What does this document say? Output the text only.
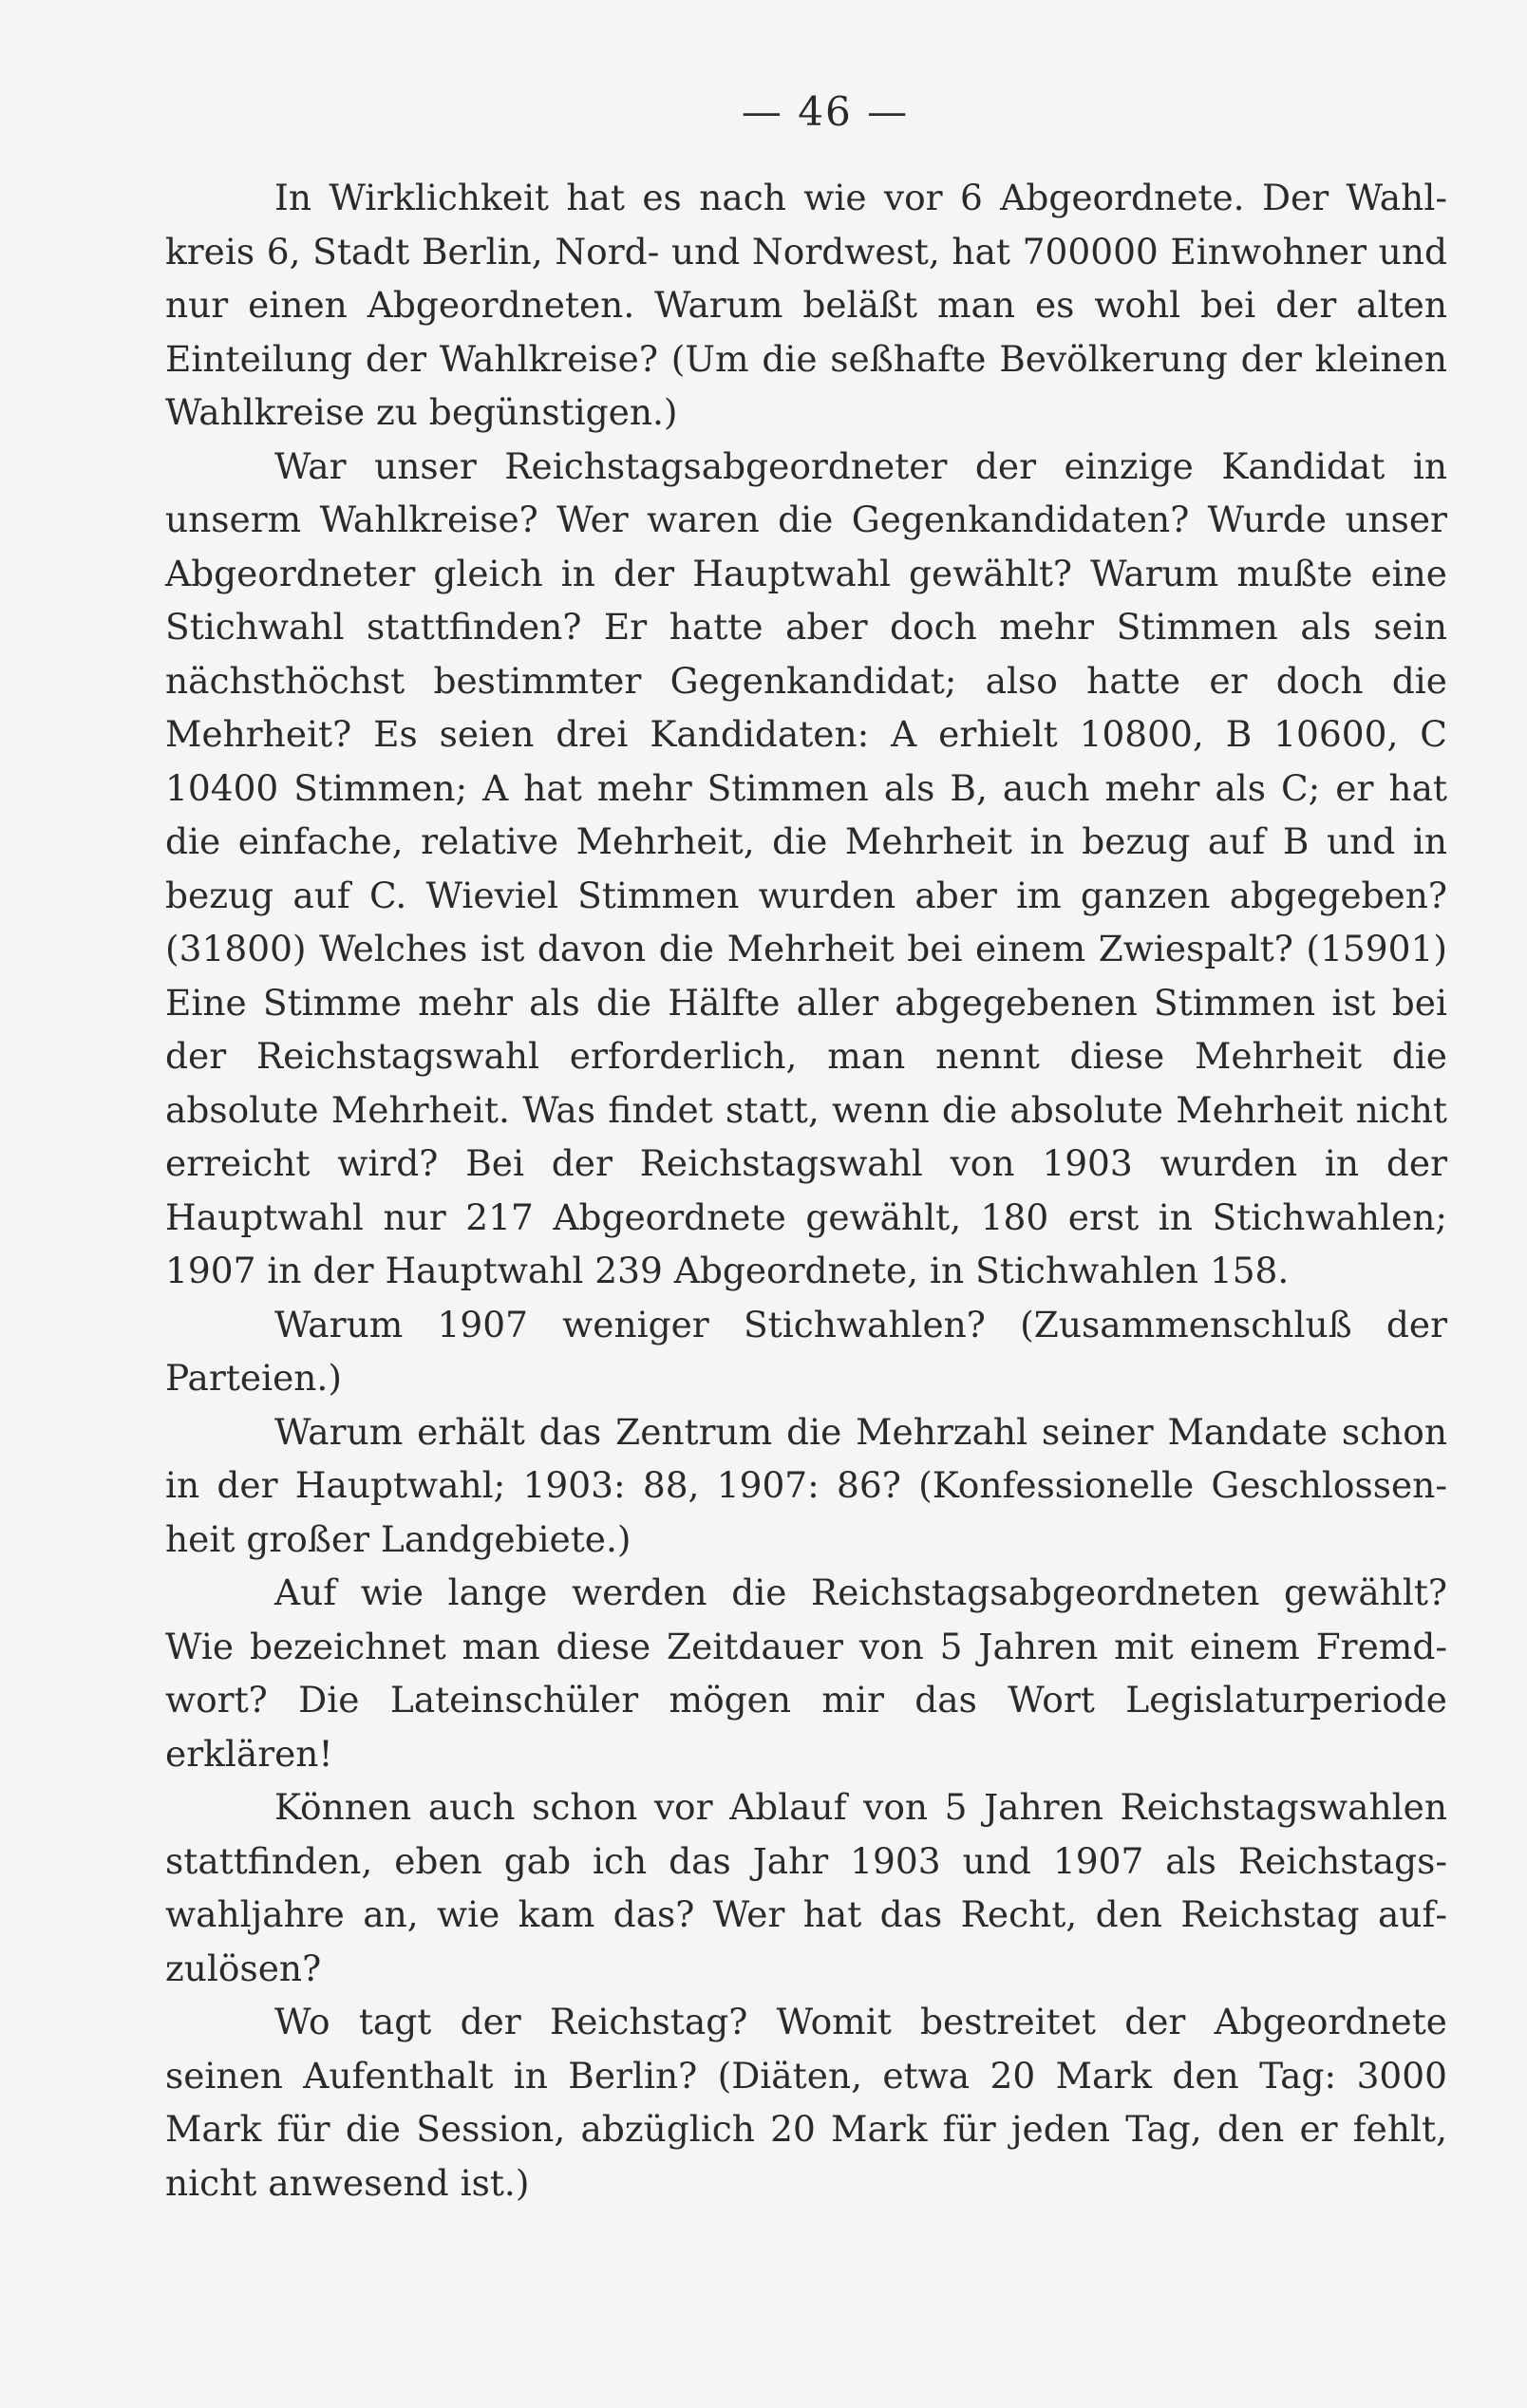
— 46 —

In Wirklichkeit hat es nach wie vor 6 Abgeordnete. Der Wahlkreis 6, Stadt Berlin, Nord- und Nordwest, hat 700000 Einwohner und nur einen Abgeordneten. Warum beläßt man es wohl bei der alten Einteilung der Wahlkreise? (Um die seßhafte Bevölkerung der kleinen Wahlkreise zu begünstigen.)

War unser Reichstagsabgeordneter der einzige Kandidat in unserm Wahlkreise? Wer waren die Gegenkandidaten? Wurde unser Abgeordneter gleich in der Hauptwahl gewählt? Warum mußte eine Stichwahl stattfinden? Er hatte aber doch mehr Stimmen als sein nächsthöchst bestimmter Gegenkandidat; also hatte er doch die Mehrheit? Es seien drei Kandidaten: A erhielt 10800, B 10600, C 10400 Stimmen; A hat mehr Stimmen als B, auch mehr als C; er hat die einfache, relative Mehrheit, die Mehrheit in bezug auf B und in bezug auf C. Wieviel Stimmen wurden aber im ganzen abgegeben? (31800) Welches ist davon die Mehrheit bei einem Zwiespalt? (15901) Eine Stimme mehr als die Hälfte aller abgegebenen Stimmen ist bei der Reichstagswahl erforderlich, man nennt diese Mehrheit die absolute Mehrheit. Was findet statt, wenn die absolute Mehrheit nicht erreicht wird? Bei der Reichstagswahl von 1903 wurden in der Hauptwahl nur 217 Abgeordnete gewählt, 180 erst in Stichwahlen; 1907 in der Hauptwahl 239 Abgeordnete, in Stichwahlen 158.

Warum 1907 weniger Stichwahlen? (Zusammenschluß der Parteien.)

Warum erhält das Zentrum die Mehrzahl seiner Mandate schon in der Hauptwahl; 1903: 88, 1907: 86? (Konfessionelle Geschlossenheit großer Landgebiete.)

Auf wie lange werden die Reichstagsabgeordneten gewählt? Wie bezeichnet man diese Zeitdauer von 5 Jahren mit einem Fremdwort? Die Lateinschüler mögen mir das Wort Legislaturperiode erklären!

Können auch schon vor Ablauf von 5 Jahren Reichstagswahlen stattfinden, eben gab ich das Jahr 1903 und 1907 als Reichstagswahljahre an, wie kam das? Wer hat das Recht, den Reichstag aufzulösen?

Wo tagt der Reichstag? Womit bestreitet der Abgeordnete seinen Aufenthalt in Berlin? (Diäten, etwa 20 Mark den Tag: 3000 Mark für die Session, abzüglich 20 Mark für jeden Tag, den er fehlt, nicht anwesend ist.)
